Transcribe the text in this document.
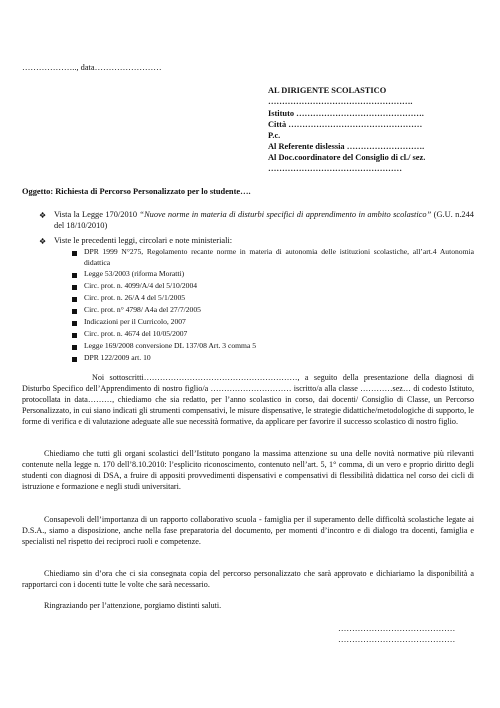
……………….., data……………………
AL DIRIGENTE SCOLASTICO
…………………………………………….
Istituto ……………………………………….
Città …………………………………………
P.c.
Al Referente dislessia ……………………….
Al Doc.coordinatore del Consiglio di cl./ sez.
…………………………………………
Oggetto: Richiesta di Percorso Personalizzato per lo studente….
❖ Vista la Legge 170/2010 “Nuove norme in materia di disturbi specifici di apprendimento in ambito scolastico” (G.U. n.244 del 18/10/2010)
❖ Viste le precedenti leggi, circolari e note ministeriali:
DPR 1999 N°275, Regolamento recante norme in materia di autonomia delle istituzioni scolastiche, all’art.4 Autonomia didattica
Legge 53/2003 (riforma Moratti)
Circ. prot. n. 4099/A/4 del 5/10/2004
Circ. prot. n. 26/A 4 del 5/1/2005
Circ. prot. n° 4798/ A4a del 27/7/2005
Indicazioni per il Curricolo, 2007
Circ. prot. n. 4674 del 10/05/2007
Legge 169/2008 conversione DL 137/08 Art. 3 comma 5
DPR 122/2009 art. 10
Noi sottoscritti…………………………………………………, a seguito della presentazione della diagnosi di Disturbo Specifico dell’Apprendimento di nostro figlio/a ………………………… iscritto/a alla classe …………sez… di codesto Istituto, protocollata in data………, chiediamo che sia redatto, per l’anno scolastico in corso, dai docenti/ Consiglio di Classe, un Percorso Personalizzato, in cui siano indicati gli strumenti compensativi, le misure dispensative, le strategie didattiche/metodologiche di supporto, le forme di verifica e di valutazione adeguate alle sue necessità formative, da applicare per favorire il successo scolastico di nostro figlio.
Chiediamo che tutti gli organi scolastici dell’Istituto pongano la massima attenzione su una delle novità normative più rilevanti contenute nella legge n. 170 dell’8.10.2010: l’esplicito riconoscimento, contenuto nell’art. 5, 1° comma, di un vero e proprio diritto degli studenti con diagnosi di DSA, a fruire di appositi provvedimenti dispensativi e compensativi di flessibilità didattica nel corso dei cicli di istruzione e formazione e negli studi universitari.
Consapevoli dell’importanza di un rapporto collaborativo scuola - famiglia per il superamento delle difficoltà scolastiche legate ai D.S.A., siamo a disposizione, anche nella fase preparatoria del documento, per momenti d’incontro e di dialogo tra docenti, famiglia e specialisti nel rispetto dei reciproci ruoli e competenze.
Chiediamo sin d’ora che ci sia consegnata copia del percorso personalizzato che sarà approvato e dichiariamo la disponibilità a rapportarci con i docenti tutte le volte che sarà necessario.
Ringraziando per l’attenzione, porgiamo distinti saluti.
……………………………………
……………………………………
